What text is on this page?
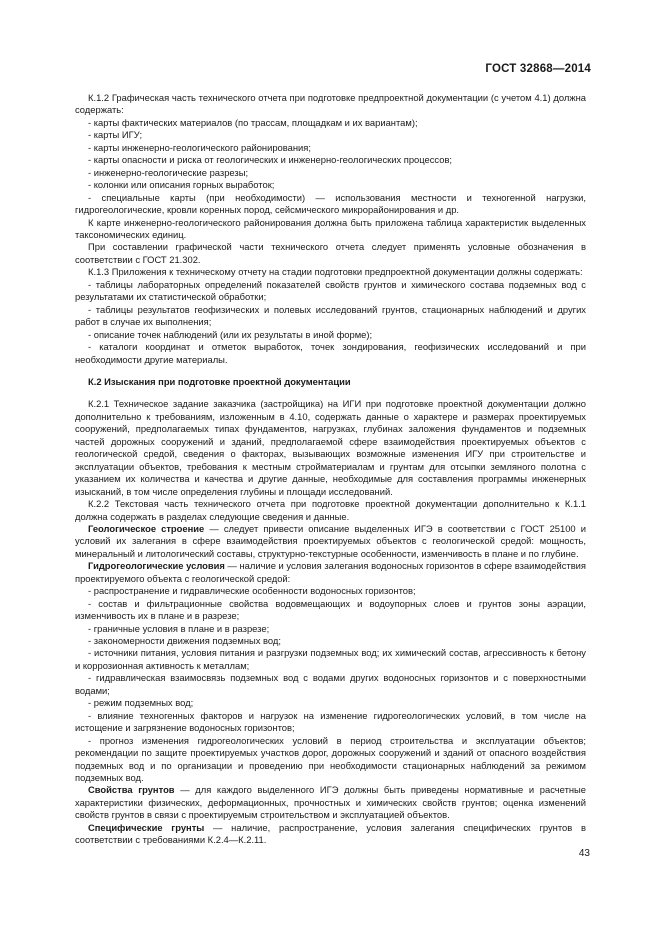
ГОСТ 32868—2014
К.1.2 Графическая часть технического отчета при подготовке предпроектной документации (с учетом 4.1) должна содержать:
- карты фактических материалов (по трассам, площадкам и их вариантам);
- карты ИГУ;
- карты инженерно-геологического районирования;
- карты опасности и риска от геологических и инженерно-геологических процессов;
- инженерно-геологические разрезы;
- колонки или описания горных выработок;
- специальные карты (при необходимости) — использования местности и техногенной нагрузки, гидрогеологические, кровли коренных пород, сейсмического микрорайонирования и др.
К карте инженерно-геологического районирования должна быть приложена таблица характеристик выделенных таксономических единиц.
При составлении графической части технического отчета следует применять условные обозначения в соответствии с ГОСТ 21.302.
К.1.3 Приложения к техническому отчету на стадии подготовки предпроектной документации должны содержать:
- таблицы лабораторных определений показателей свойств грунтов и химического состава подземных вод с результатами их статистической обработки;
- таблицы результатов геофизических и полевых исследований грунтов, стационарных наблюдений и других работ в случае их выполнения;
- описание точек наблюдений (или их результаты в иной форме);
- каталоги координат и отметок выработок, точек зондирования, геофизических исследований и при необходимости другие материалы.
К.2 Изыскания при подготовке проектной документации
К.2.1 Техническое задание заказчика (застройщика) на ИГИ при подготовке проектной документации должно дополнительно к требованиям, изложенным в 4.10, содержать данные о характере и размерах проектируемых сооружений, предполагаемых типах фундаментов, нагрузках, глубинах заложения фундаментов и подземных частей дорожных сооружений и зданий, предполагаемой сфере взаимодействия проектируемых объектов с геологической средой, сведения о факторах, вызывающих возможные изменения ИГУ при строительстве и эксплуатации объектов, требования к местным стройматериалам и грунтам для отсыпки земляного полотна с указанием их количества и качества и другие данные, необходимые для составления программы инженерных изысканий, в том числе определения глубины и площади исследований.
К.2.2 Текстовая часть технического отчета при подготовке проектной документации дополнительно к К.1.1 должна содержать в разделах следующие сведения и данные.
Геологическое строение — следует привести описание выделенных ИГЭ в соответствии с ГОСТ 25100 и условий их залегания в сфере взаимодействия проектируемых объектов с геологической средой: мощность, минеральный и литологический составы, структурно-текстурные особенности, изменчивость в плане и по глубине.
Гидрогеологические условия — наличие и условия залегания водоносных горизонтов в сфере взаимодействия проектируемого объекта с геологической средой:
- распространение и гидравлические особенности водоносных горизонтов;
- состав и фильтрационные свойства водовмещающих и водоупорных слоев и грунтов зоны аэрации, изменчивость их в плане и в разрезе;
- граничные условия в плане и в разрезе;
- закономерности движения подземных вод;
- источники питания, условия питания и разгрузки подземных вод; их химический состав, агрессивность к бетону и коррозионная активность к металлам;
- гидравлическая взаимосвязь подземных вод с водами других водоносных горизонтов и с поверхностными водами;
- режим подземных вод;
- влияние техногенных факторов и нагрузок на изменение гидрогеологических условий, в том числе на истощение и загрязнение водоносных горизонтов;
- прогноз изменения гидрогеологических условий в период строительства и эксплуатации объектов; рекомендации по защите проектируемых участков дорог, дорожных сооружений и зданий от опасного воздействия подземных вод и по организации и проведению при необходимости стационарных наблюдений за режимом подземных вод.
Свойства грунтов — для каждого выделенного ИГЭ должны быть приведены нормативные и расчетные характеристики физических, деформационных, прочностных и химических свойств грунтов; оценка изменений свойств грунтов в связи с проектируемым строительством и эксплуатацией объектов.
Специфические грунты — наличие, распространение, условия залегания специфических грунтов в соответствии с требованиями К.2.4—К.2.11.
43
